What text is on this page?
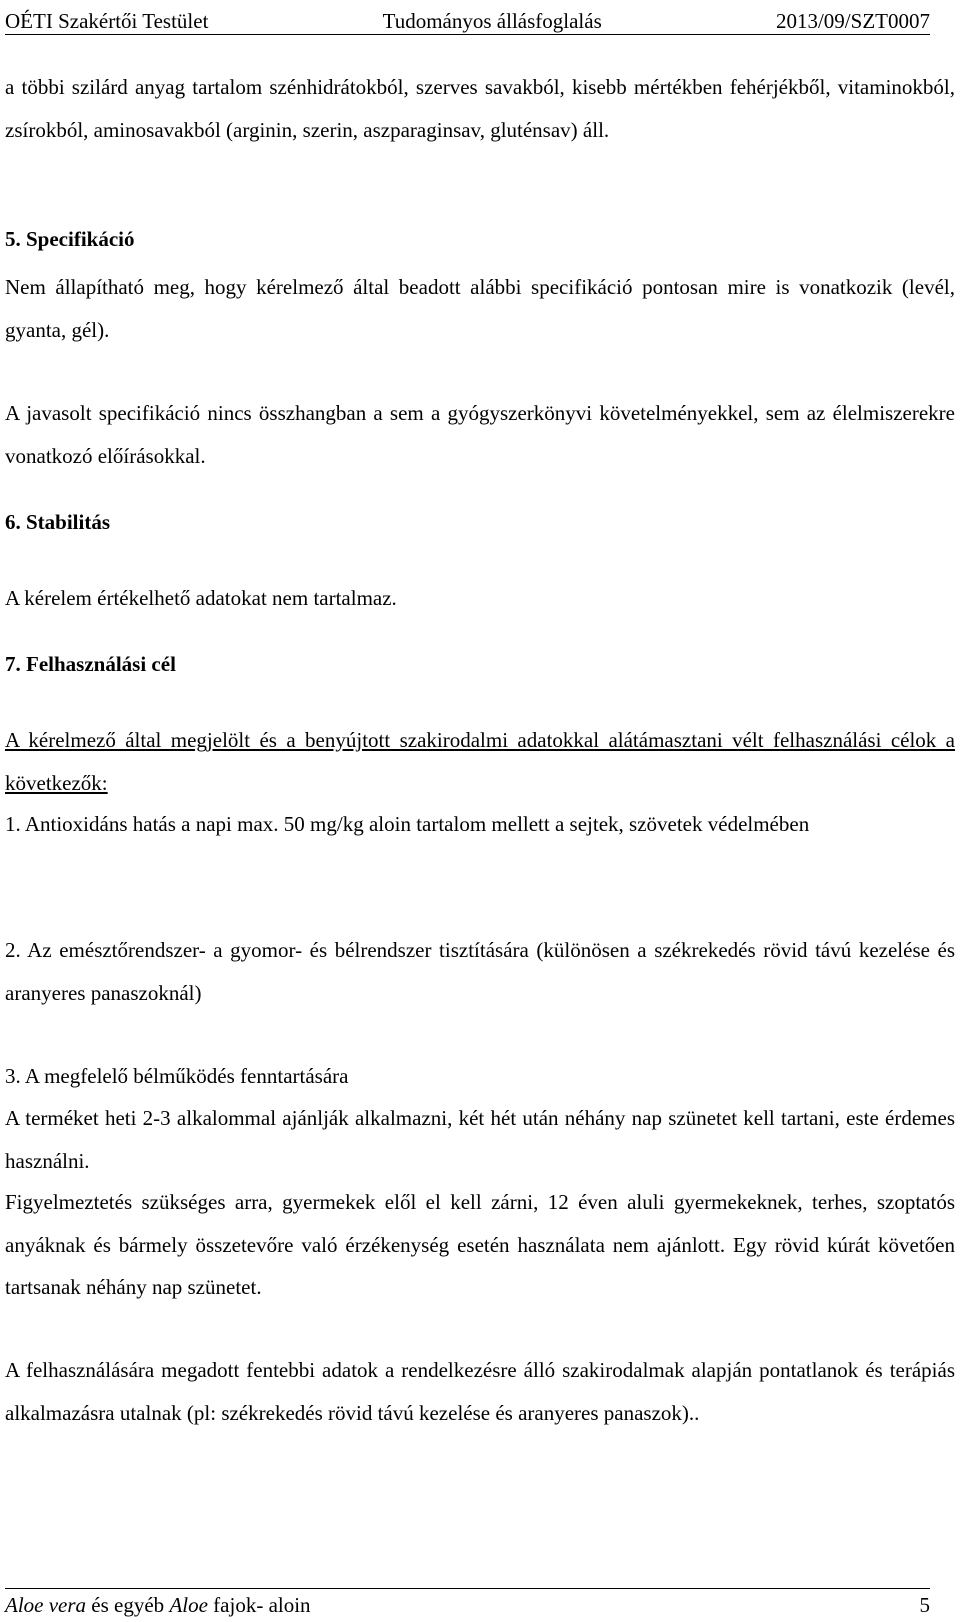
OÉTI Szakértői Testület	Tudományos állásfoglalás	2013/09/SZT0007

a többi szilárd anyag tartalom szénhidrátokból, szerves savakból, kisebb mértékben fehérjékből, vitaminokból, zsírokból, aminosavakból (arginin, szerin, aszparaginsav, gluténsav) áll.

5. Specifikáció

Nem állapítható meg, hogy kérelmező által beadott alábbi specifikáció pontosan mire is vonatkozik (levél, gyanta, gél).

A javasolt specifikáció nincs összhangban a sem a gyógyszerkönyvi követelményekkel, sem az élelmiszerekre vonatkozó előírásokkal.

6. Stabilitás

A kérelem értékelhető adatokat nem tartalmaz.

7. Felhasználási cél

A kérelmező által megjelölt és a benyújtott szakirodalmi adatokkal alátámasztani vélt felhasználási célok a következők:

1. Antioxidáns hatás a napi max. 50 mg/kg aloin tartalom mellett a sejtek, szövetek védelmében

2. Az emésztőrendszer- a gyomor- és bélrendszer tisztítására (különösen a székrekedés rövid távú kezelése és aranyeres panaszoknál)

3. A megfelelő bélműködés fenntartására

A terméket heti 2-3 alkalommal ajánlják alkalmazni, két hét után néhány nap szünetet kell tartani, este érdemes használni.

Figyelmeztetés szükséges arra, gyermekek elől el kell zárni, 12 éven aluli gyermekeknek, terhes, szoptatós anyáknak és bármely összetevőre való érzékenység esetén használata nem ajánlott. Egy rövid kúrát követően tartsanak néhány nap szünetet.

A felhasználására megadott fentebbi adatok a rendelkezésre álló szakirodalmak alapján pontatlanok és terápiás alkalmazásra utalnak (pl: székrekedés rövid távú kezelése és aranyeres panaszok)..

Aloe vera és egyéb Aloe fajok- aloin	5
